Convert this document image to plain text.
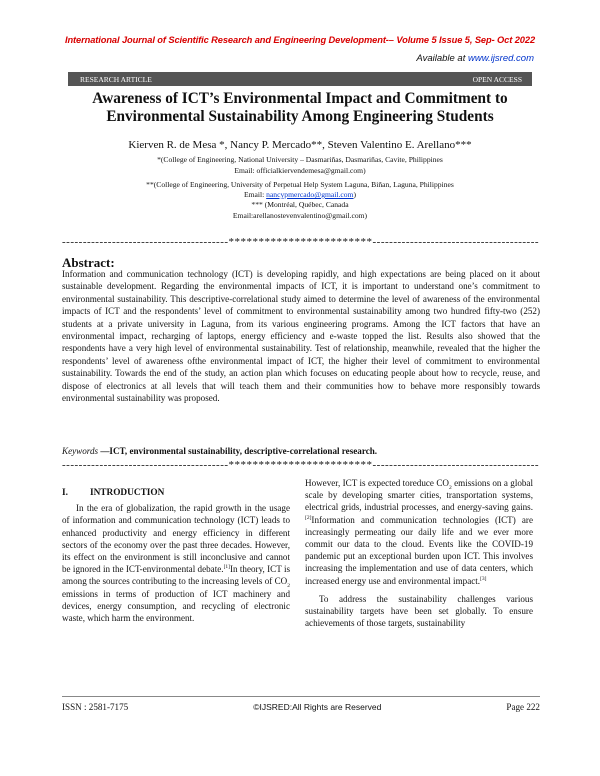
International Journal of Scientific Research and Engineering Development-– Volume 5 Issue 5, Sep- Oct 2022
Available at www.ijsred.com
RESEARCH ARTICLE	OPEN ACCESS
Awareness of ICT’s Environmental Impact and Commitment to
Environmental Sustainability Among Engineering Students
Kierven R. de Mesa *, Nancy P. Mercado**, Steven Valentino E. Arellano***
*(College of Engineering, National University – Dasmariñas, Dasmariñas, Cavite, Philippines
Email: officialkiervendemesa@gmail.com)
**(College of Engineering, University of Perpetual Help System Laguna, Biñan, Laguna, Philippines
Email: nancypmercado@gmail.com)
*** (Montréal, Québec, Canada
Email:arellanostevenvalentino@gmail.com)
----------------------------------------************************----------------------------------------
Abstract:

Information and communication technology (ICT) is developing rapidly, and high expectations are being placed on it about sustainable development. Regarding the environmental impacts of ICT, it is important to understand one’s commitment to environmental sustainability. This descriptive-correlational study aimed to determine the level of awareness of the environmental impacts of ICT and the respondents’ level of commitment to environmental sustainability among two hundred fifty-two (252) students at a private university in Laguna, from its various engineering programs. Among the ICT factors that have an environmental impact, recharging of laptops, energy efficiency and e-waste topped the list. Results also showed that the respondents have a very high level of environmental sustainability. Test of relationship, meanwhile, revealed that the higher the respondents’ level of awareness ofthe environmental impact of ICT, the higher their level of commitment to environmental sustainability. Towards the end of the study, an action plan which focuses on educating people about how to recycle, reuse, and dispose of electronics at all levels that will teach them and their communities how to behave more responsibly towards environmental sustainability was proposed.

Keywords —ICT, environmental sustainability, descriptive-correlational research.
----------------------------------------************************----------------------------------------
I. INTRODUCTION

In the era of globalization, the rapid growth in the usage of information and communication technology (ICT) leads to enhanced productivity and energy efficiency in different sectors of the economy over the past three decades. However, its effect on the environment is still inconclusive and cannot be ignored in the ICT-environmental debate.[1]In theory, ICT is among the sources contributing to the increasing levels of $CO_2$ emissions in terms of production of ICT machinery and devices, energy consumption, and recycling of electronic waste, which harm the environment.

However, ICT is expected toreduce $CO_2$ emissions on a global scale by developing smarter cities, transportation systems, electrical grids, industrial processes, and energy-saving gains. [2]Information and communication technologies (ICT) are increasingly permeating our daily life and we ever more commit our data to the cloud. Events like the COVID-19 pandemic put an exceptional burden upon ICT. This involves increasing the implementation and use of data centers, which increased energy use and environmental impact.[3]

To address the sustainability challenges various sustainability targets have been set globally. To ensure achievements of those targets, sustainability

ISSN : 2581-7175	©IJSRED:All Rights are Reserved	Page 222
